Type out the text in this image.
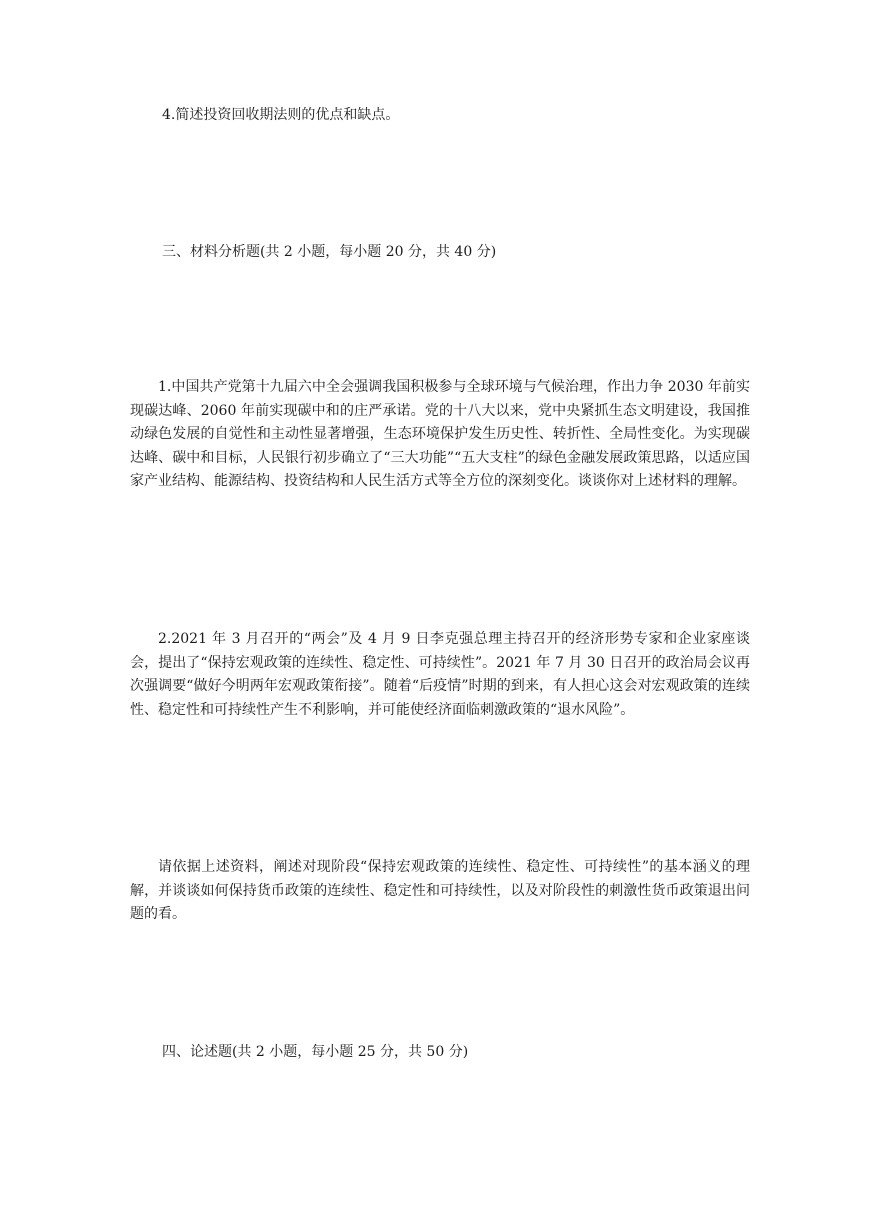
4.简述投资回收期法则的优点和缺点。

三、材料分析题(共 2 小题，每小题 20 分，共 40 分)

1.中国共产党第十九届六中全会强调我国积极参与全球环境与气候治理，作出力争 2030 年前实现碳达峰、2060 年前实现碳中和的庄严承诺。党的十八大以来，党中央紧抓生态文明建设，我国推动绿色发展的自觉性和主动性显著增强，生态环境保护发生历史性、转折性、全局性变化。为实现碳达峰、碳中和目标，人民银行初步确立了“三大功能”“五大支柱”的绿色金融发展政策思路，以适应国家产业结构、能源结构、投资结构和人民生活方式等全方位的深刻变化。谈谈你对上述材料的理解。

2.2021 年 3 月召开的“两会”及 4 月 9 日李克强总理主持召开的经济形势专家和企业家座谈会，提出了“保持宏观政策的连续性、稳定性、可持续性”。2021 年 7 月 30 日召开的政治局会议再次强调要“做好今明两年宏观政策衔接”。随着“后疫情”时期的到来，有人担心这会对宏观政策的连续性、稳定性和可持续性产生不利影响，并可能使经济面临刺激政策的“退水风险”。

请依据上述资料，阐述对现阶段“保持宏观政策的连续性、稳定性、可持续性”的基本涵义的理解，并谈谈如何保持货币政策的连续性、稳定性和可持续性，以及对阶段性的刺激性货币政策退出问题的看。

四、论述题(共 2 小题，每小题 25 分，共 50 分)
